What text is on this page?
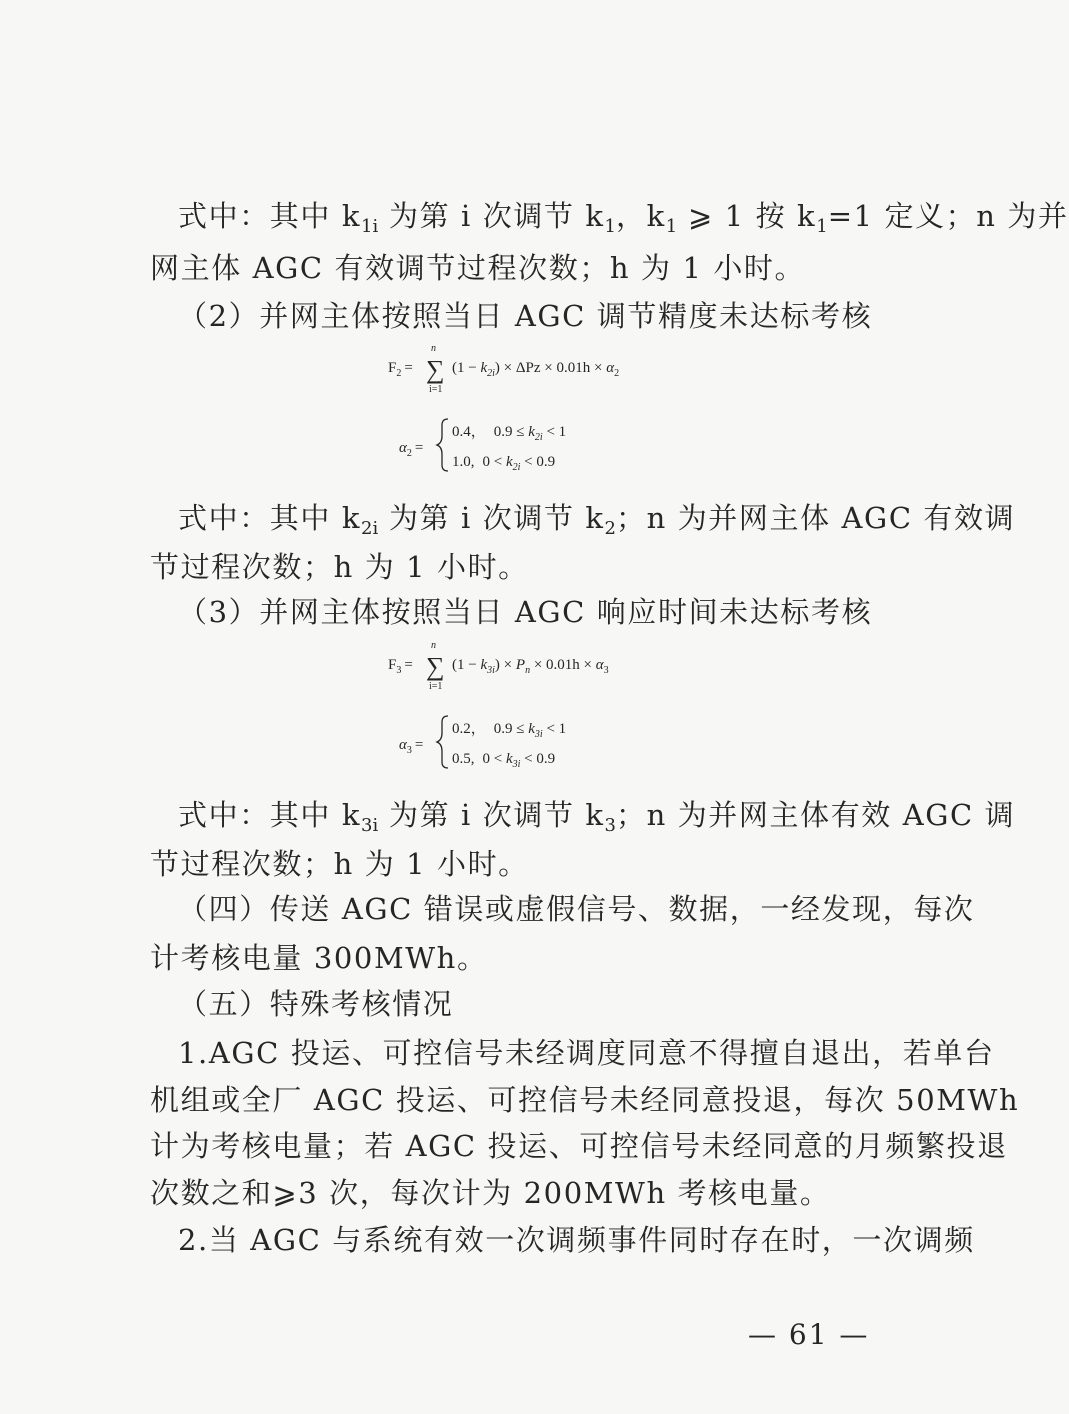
式中：其中 $k_{1i}$ 为第 i 次调节 $k_1$，$k_1$ ⩾ 1 按 $k_1=1$ 定义；n 为并
网主体 AGC 有效调节过程次数；h 为 1 小时。
（2）并网主体按照当日 AGC 调节精度未达标考核
式中：其中 $k_{2i}$ 为第 i 次调节 $k_2$；n 为并网主体 AGC 有效调
节过程次数；h 为 1 小时。
（3）并网主体按照当日 AGC 响应时间未达标考核
式中：其中 $k_{3i}$ 为第 i 次调节 $k_3$；n 为并网主体有效 AGC 调
节过程次数；h 为 1 小时。
（四）传送 AGC 错误或虚假信号、数据，一经发现，每次
计考核电量 300MWh。
（五）特殊考核情况
1.AGC 投运、可控信号未经调度同意不得擅自退出，若单台
机组或全厂 AGC 投运、可控信号未经同意投退，每次 50MWh
计为考核电量；若 AGC 投运、可控信号未经同意的月频繁投退
次数之和⩾3 次，每次计为 200MWh 考核电量。
2.当 AGC 与系统有效一次调频事件同时存在时，一次调频
$F_2$ =
n
∑
i=1
$(1 - k_{2i}) \times \Delta Pz \times 0.01h \times \alpha_2$
$\alpha_2$ =
0.4， $0.9 \le k_{2i} < 1$
1.0, $0 < k_{2i} < 0.9$
$F_3$ =
n
∑
i=1
$(1 - k_{3i}) \times P_n \times 0.01h \times \alpha_3$
$\alpha_3$ =
0.2， $0.9 \le k_{3i} < 1$
0.5, $0 < k_{3i} < 0.9$
— 61 —
